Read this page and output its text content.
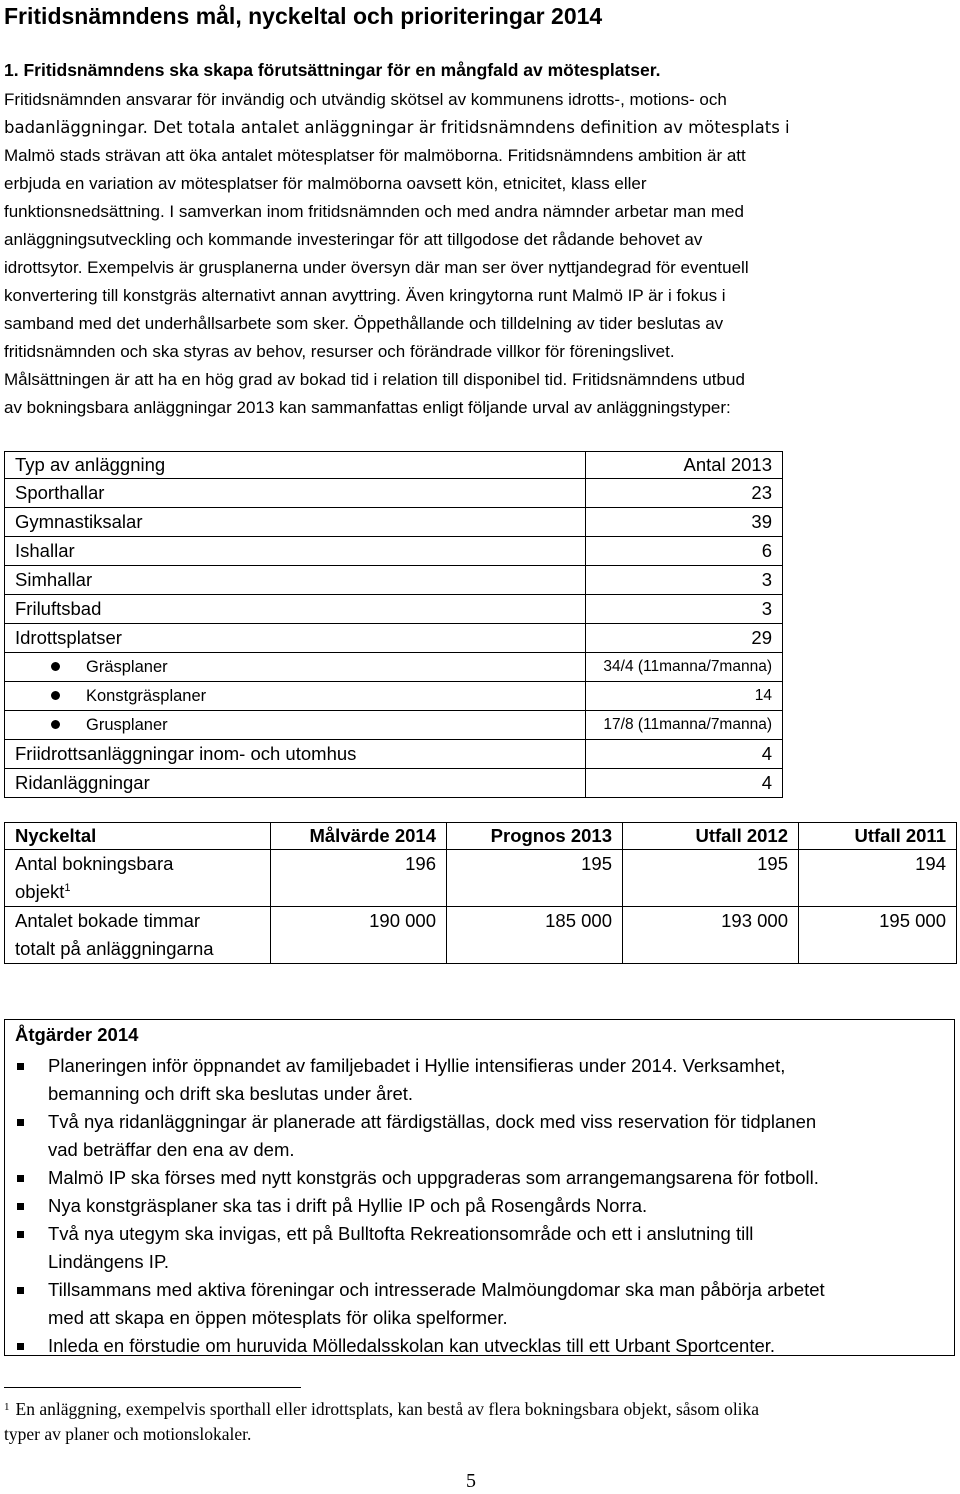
Fritidsnämndens mål, nyckeltal och prioriteringar 2014
1. Fritidsnämndens ska skapa förutsättningar för en mångfald av mötesplatser.
Fritidsnämnden ansvarar för invändig och utvändig skötsel av kommunens idrotts-, motions- och
badanläggningar. Det totala antalet anläggningar är fritidsnämndens definition av mötesplats i
Malmö stads strävan att öka antalet mötesplatser för malmöborna. Fritidsnämndens ambition är att
erbjuda en variation av mötesplatser för malmöborna oavsett kön, etnicitet, klass eller
funktionsnedsättning. I samverkan inom fritidsnämnden och med andra nämnder arbetar man med
anläggningsutveckling och kommande investeringar för att tillgodose det rådande behovet av
idrottsytor. Exempelvis är grusplanerna under översyn där man ser över nyttjandegrad för eventuell
konvertering till konstgräs alternativt annan avyttring. Även kringytorna runt Malmö IP är i fokus i
samband med det underhållsarbete som sker. Öppethållande och tilldelning av tider beslutas av
fritidsnämnden och ska styras av behov, resurser och förändrade villkor för föreningslivet.
Målsättningen är att ha en hög grad av bokad tid i relation till disponibel tid. Fritidsnämndens utbud
av bokningsbara anläggningar 2013 kan sammanfattas enligt följande urval av anläggningstyper:
Typ av anläggning	Antal 2013
Sporthallar	23
Gymnastiksalar	39
Ishallar	6
Simhallar	3
Friluftsbad	3
Idrottsplatser	29
Gräsplaner	34/4 (11manna/7manna)
Konstgräsplaner	14
Grusplaner	17/8 (11manna/7manna)
Friidrottsanläggningar inom- och utomhus	4
Ridanläggningar	4
Nyckeltal	Målvärde 2014	Prognos 2013	Utfall 2012	Utfall 2011
Antal bokningsbara
objekt$^1$	196	195	195	194
Antalet bokade timmar
totalt på anläggningarna	190 000	185 000	193 000	195 000
Åtgärder 2014
Planeringen inför öppnandet av familjebadet i Hyllie intensifieras under 2014. Verksamhet,
bemanning och drift ska beslutas under året.
Två nya ridanläggningar är planerade att färdigställas, dock med viss reservation för tidplanen
vad beträffar den ena av dem.
Malmö IP ska förses med nytt konstgräs och uppgraderas som arrangemangsarena för fotboll.
Nya konstgräsplaner ska tas i drift på Hyllie IP och på Rosengårds Norra.
Två nya utegym ska invigas, ett på Bulltofta Rekreationsområde och ett i anslutning till
Lindängens IP.
Tillsammans med aktiva föreningar och intresserade Malmöungdomar ska man påbörja arbetet
med att skapa en öppen mötesplats för olika spelformer.
Inleda en förstudie om huruvida Mölledalsskolan kan utvecklas till ett Urbant Sportcenter.
$^1$ En anläggning, exempelvis sporthall eller idrottsplats, kan bestå av flera bokningsbara objekt, såsom olika
typer av planer och motionslokaler.
5
